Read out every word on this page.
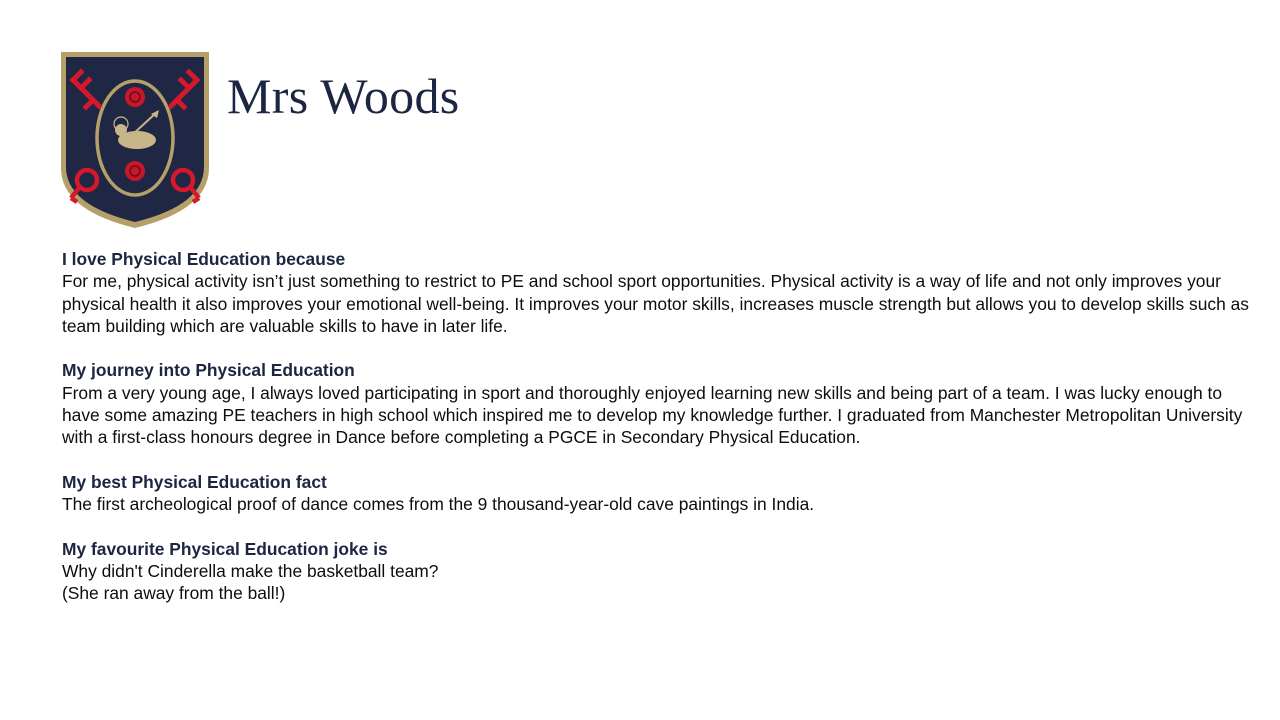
Mrs Woods

I love Physical Education because

For me, physical activity isn’t just something to restrict to PE and school sport opportunities. Physical activity is a way of life and not only improves your physical health it also improves your emotional well-being. It improves your motor skills, increases muscle strength but allows you to develop skills such as team building which are valuable skills to have in later life.

My journey into Physical Education

From a very young age, I always loved participating in sport and thoroughly enjoyed learning new skills and being part of a team. I was lucky enough to have some amazing PE teachers in high school which inspired me to develop my knowledge further. I graduated from Manchester Metropolitan University with a first-class honours degree in Dance before completing a PGCE in Secondary Physical Education.

My best Physical Education fact

The first archeological proof of dance comes from the 9 thousand-year-old cave paintings in India.

My favourite Physical Education joke is

Why didn't Cinderella make the basketball team?

(She ran away from the ball!)
